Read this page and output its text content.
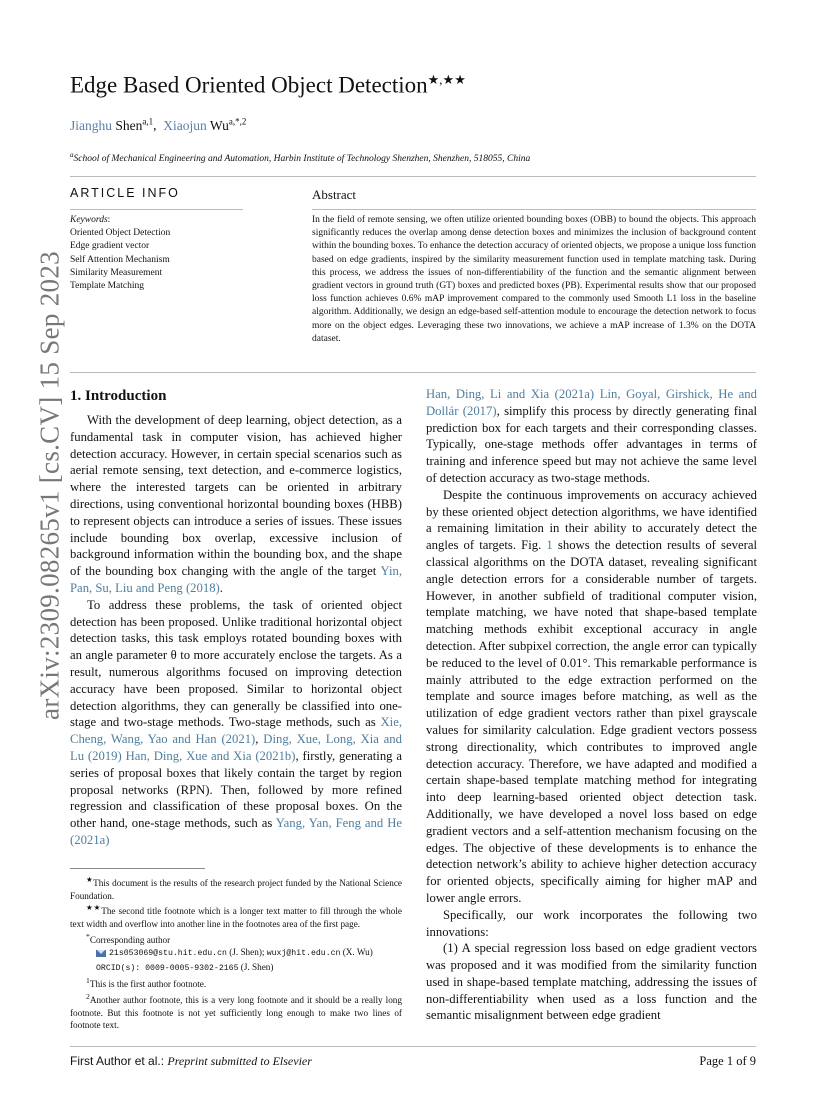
arXiv:2309.08265v1 [cs.CV] 15 Sep 2023
Edge Based Oriented Object Detection★,★★
Jianghu Shen$^{a,1}$,  Xiaojun $Wu^{a,*,2}$
$^a$School of Mechanical Engineering and Automation, Harbin Institute of Technology Shenzhen, Shenzhen, 518055, China
ARTICLE INFO	Abstract
Keywords:
Oriented Object Detection
Edge gradient vector
Self Attention Mechanism
Similarity Measurement
Template Matching
In the field of remote sensing, we often utilize oriented bounding boxes (OBB) to bound the objects. This approach significantly reduces the overlap among dense detection boxes and minimizes the inclusion of background content within the bounding boxes. To enhance the detection accuracy of oriented objects, we propose a unique loss function based on edge gradients, inspired by the similarity measurement function used in template matching task. During this process, we address the issues of non-differentiability of the function and the semantic alignment between gradient vectors in ground truth (GT) boxes and predicted boxes (PB). Experimental results show that our proposed loss function achieves 0.6% mAP improvement compared to the commonly used Smooth L1 loss in the baseline algorithm. Additionally, we design an edge-based self-attention module to encourage the detection network to focus more on the object edges. Leveraging these two innovations, we achieve a mAP increase of 1.3% on the DOTA dataset.
1. Introduction

With the development of deep learning, object detection, as a fundamental task in computer vision, has achieved higher detection accuracy. However, in certain special scenarios such as aerial remote sensing, text detection, and e-commerce logistics, where the interested targets can be oriented in arbitrary directions, using conventional horizontal bounding boxes (HBB) to represent objects can introduce a series of issues. These issues include bounding box overlap, excessive inclusion of background information within the bounding box, and the shape of the bounding box changing with the angle of the target Yin, Pan, Su, Liu and Peng (2018).

To address these problems, the task of oriented object detection has been proposed. Unlike traditional horizontal object detection tasks, this task employs rotated bounding boxes with an angle parameter θ to more accurately enclose the targets. As a result, numerous algorithms focused on improving detection accuracy have been proposed. Similar to horizontal object detection algorithms, they can generally be classified into one-stage and two-stage methods. Two-stage methods, such as Xie, Cheng, Wang, Yao and Han (2021), Ding, Xue, Long, Xia and Lu (2019) Han, Ding, Xue and Xia (2021b), firstly, generating a series of proposal boxes that likely contain the target by region proposal networks (RPN). Then, followed by more refined regression and classification of these proposal boxes. On the other hand, one-stage methods, such as Yang, Yan, Feng and He (2021a)

Han, Ding, Li and Xia (2021a) Lin, Goyal, Girshick, He and Dollár (2017), simplify this process by directly generating final prediction box for each targets and their corresponding classes. Typically, one-stage methods offer advantages in terms of training and inference speed but may not achieve the same level of detection accuracy as two-stage methods.

Despite the continuous improvements on accuracy achieved by these oriented object detection algorithms, we have identified a remaining limitation in their ability to accurately detect the angles of targets. Fig. 1 shows the detection results of several classical algorithms on the DOTA dataset, revealing significant angle detection errors for a considerable number of targets. However, in another subfield of traditional computer vision, template matching, we have noted that shape-based template matching methods exhibit exceptional accuracy in angle detection. After subpixel correction, the angle error can typically be reduced to the level of 0.01°. This remarkable performance is mainly attributed to the edge extraction performed on the template and source images before matching, as well as the utilization of edge gradient vectors rather than pixel grayscale values for similarity calculation. Edge gradient vectors possess strong directionality, which contributes to improved angle detection accuracy. Therefore, we have adapted and modified a certain shape-based template matching method for integrating into deep learning-based oriented object detection task. Additionally, we have developed a novel loss based on edge gradient vectors and a self-attention mechanism focusing on the edges. The objective of these developments is to enhance the detection network’s ability to achieve higher detection accuracy for oriented objects, specifically aiming for higher mAP and lower angle errors.

Specifically, our work incorporates the following two innovations:

(1) A special regression loss based on edge gradient vectors was proposed and it was modified from the similarity function used in shape-based template matching, addressing the issues of non-differentiability when used as a loss function and the semantic misalignment between edge gradient

★This document is the results of the research project funded by the National Science Foundation.

★★The second title footnote which is a longer text matter to fill through the whole text width and overflow into another line in the footnotes area of the first page.

*Corresponding author

21s053069@stu.hit.edu.cn (J. Shen); wuxj@hit.edu.cn (X. Wu)

ORCID(s): 0009-0005-9302-2165 (J. Shen)

$^1$This is the first author footnote.

$^2$Another author footnote, this is a very long footnote and it should be a really long footnote. But this footnote is not yet sufficiently long enough to make two lines of footnote text.

First Author et al.: Preprint submitted to Elsevier	Page 1 of 9
